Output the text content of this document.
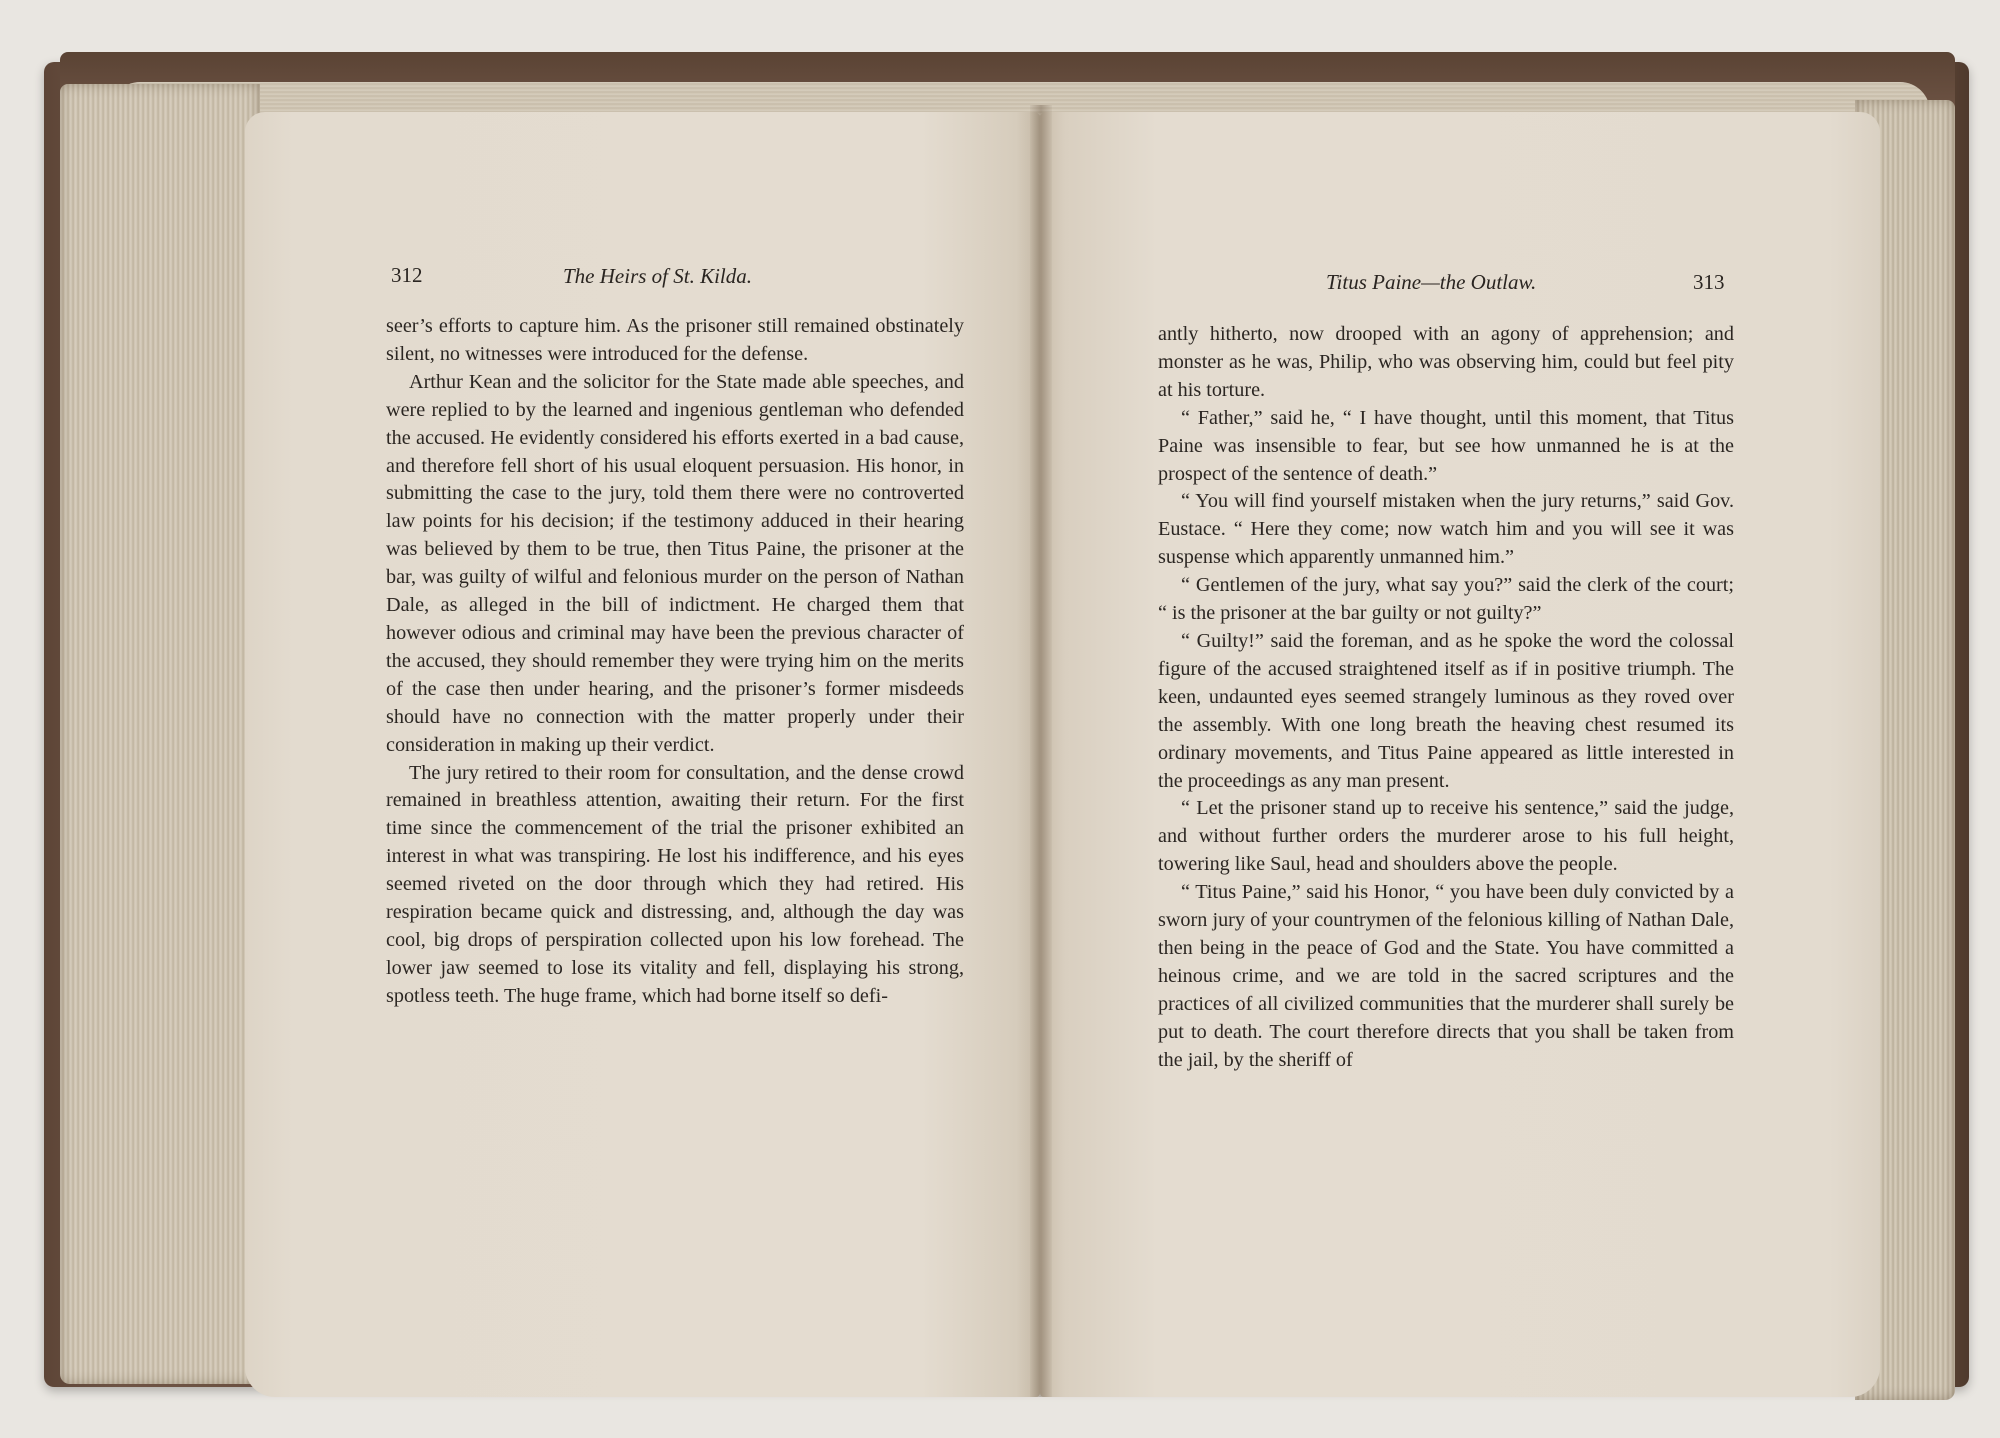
312	The Heirs of St. Kilda.	Titus Paine—the Outlaw.	313

seer’s efforts to capture him. As the prisoner still remained obstinately silent, no witnesses were introduced for the defense.

Arthur Kean and the solicitor for the State made able speeches, and were replied to by the learned and ingenious gentleman who defended the accused. He evidently considered his efforts exerted in a bad cause, and therefore fell short of his usual eloquent persuasion. His honor, in submitting the case to the jury, told them there were no controverted law points for his decision; if the testimony adduced in their hearing was believed by them to be true, then Titus Paine, the prisoner at the bar, was guilty of wilful and felonious murder on the person of Nathan Dale, as alleged in the bill of indictment. He charged them that however odious and criminal may have been the previous character of the accused, they should remember they were trying him on the merits of the case then under hearing, and the prisoner’s former misdeeds should have no connection with the matter properly under their consideration in making up their verdict.

The jury retired to their room for consultation, and the dense crowd remained in breathless attention, awaiting their return. For the first time since the commencement of the trial the prisoner exhibited an interest in what was transpiring. He lost his indifference, and his eyes seemed riveted on the door through which they had retired. His respiration became quick and distressing, and, although the day was cool, big drops of perspiration collected upon his low forehead. The lower jaw seemed to lose its vitality and fell, displaying his strong, spotless teeth. The huge frame, which had borne itself so defi-

antly hitherto, now drooped with an agony of apprehension; and monster as he was, Philip, who was observing him, could but feel pity at his torture.

“ Father,” said he, “ I have thought, until this moment, that Titus Paine was insensible to fear, but see how unmanned he is at the prospect of the sentence of death.”

“ You will find yourself mistaken when the jury returns,” said Gov. Eustace. “ Here they come; now watch him and you will see it was suspense which apparently unmanned him.”

“ Gentlemen of the jury, what say you?” said the clerk of the court; “ is the prisoner at the bar guilty or not guilty?”

“ Guilty!” said the foreman, and as he spoke the word the colossal figure of the accused straightened itself as if in positive triumph. The keen, undaunted eyes seemed strangely luminous as they roved over the assembly. With one long breath the heaving chest resumed its ordinary movements, and Titus Paine appeared as little interested in the proceedings as any man present.

“ Let the prisoner stand up to receive his sentence,” said the judge, and without further orders the murderer arose to his full height, towering like Saul, head and shoulders above the people.

“ Titus Paine,” said his Honor, “ you have been duly convicted by a sworn jury of your countrymen of the felonious killing of Nathan Dale, then being in the peace of God and the State. You have committed a heinous crime, and we are told in the sacred scriptures and the practices of all civilized communities that the murderer shall surely be put to death. The court therefore directs that you shall be taken from the jail, by the sheriff of
